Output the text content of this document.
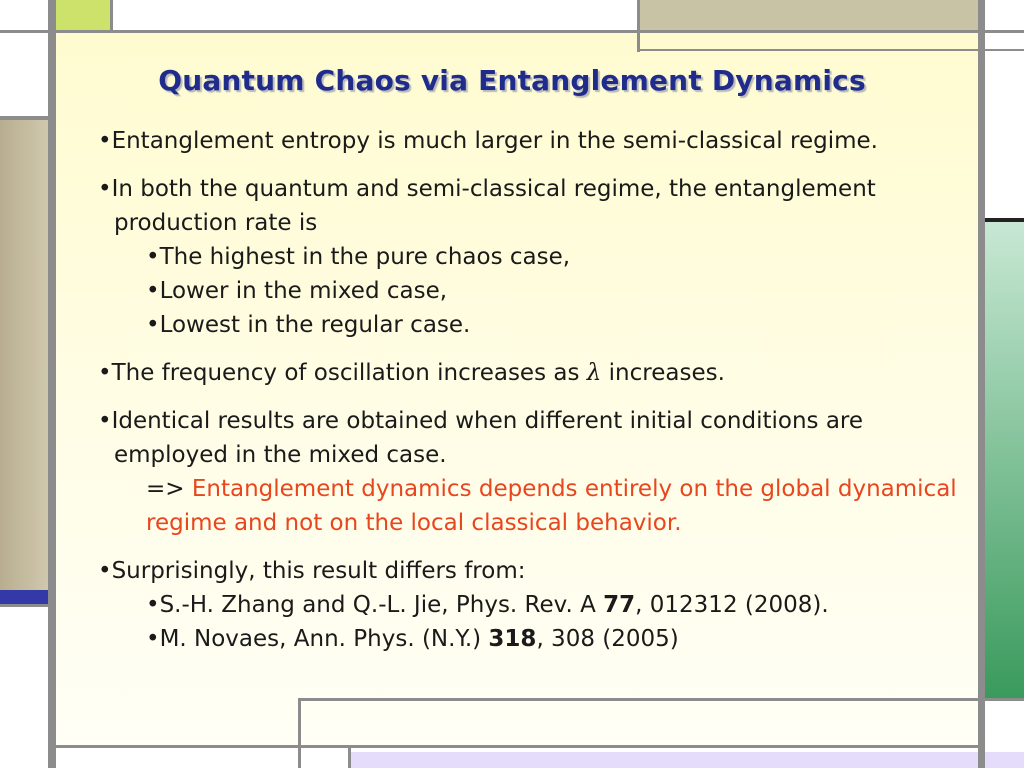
Quantum Chaos via Entanglement Dynamics

•Entanglement entropy is much larger in the semi-classical regime.

•In both the quantum and semi-classical regime, the entanglement production rate is

•The highest in the pure chaos case,

•Lower in the mixed case,

•Lowest in the regular case.

•The frequency of oscillation increases as λ increases.

•Identical results are obtained when different initial conditions are employed in the mixed case.

=> Entanglement dynamics depends entirely on the global dynamical regime and not on the local classical behavior.

•Surprisingly, this result differs from:

•S.-H. Zhang and Q.-L. Jie, Phys. Rev. A 77, 012312 (2008).

•M. Novaes, Ann. Phys. (N.Y.) 318, 308 (2005)
